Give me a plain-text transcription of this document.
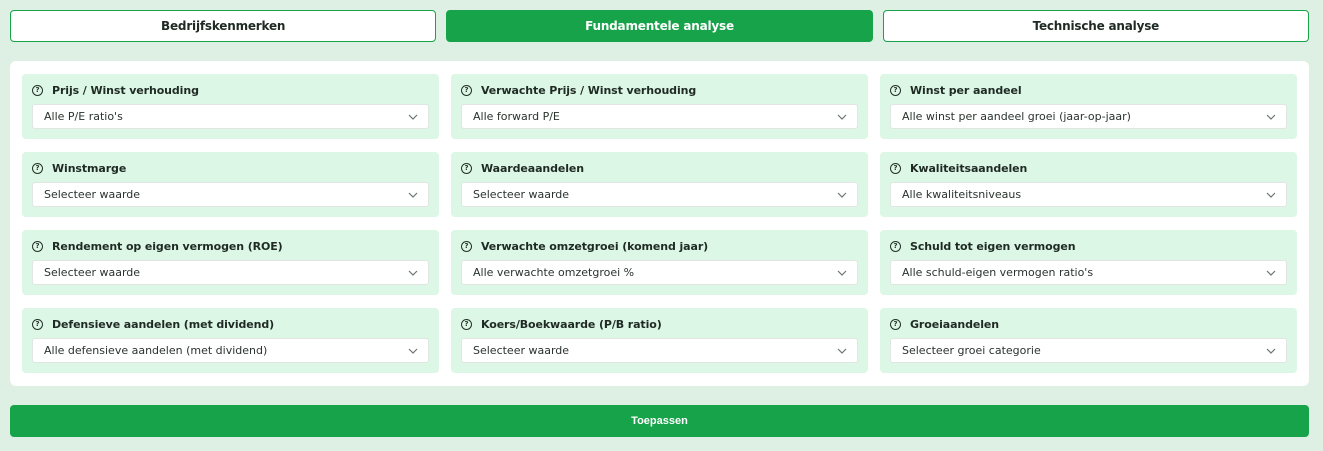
Bedrijfskenmerken	Fundamentele analyse	Technische analyse
?	Prijs / Winst verhouding
Alle P/E ratio's
?	Verwachte Prijs / Winst verhouding
Alle forward P/E
?	Winst per aandeel
Alle winst per aandeel groei (jaar-op-jaar)
?	Winstmarge
Selecteer waarde
?	Waardeaandelen
Selecteer waarde
?	Kwaliteitsaandelen
Alle kwaliteitsniveaus
?	Rendement op eigen vermogen (ROE)
Selecteer waarde
?	Verwachte omzetgroei (komend jaar)
Alle verwachte omzetgroei %
?	Schuld tot eigen vermogen
Alle schuld-eigen vermogen ratio's
?	Defensieve aandelen (met dividend)
Alle defensieve aandelen (met dividend)
?	Koers/Boekwaarde (P/B ratio)
Selecteer waarde
?	Groeiaandelen
Selecteer groei categorie
Toepassen
